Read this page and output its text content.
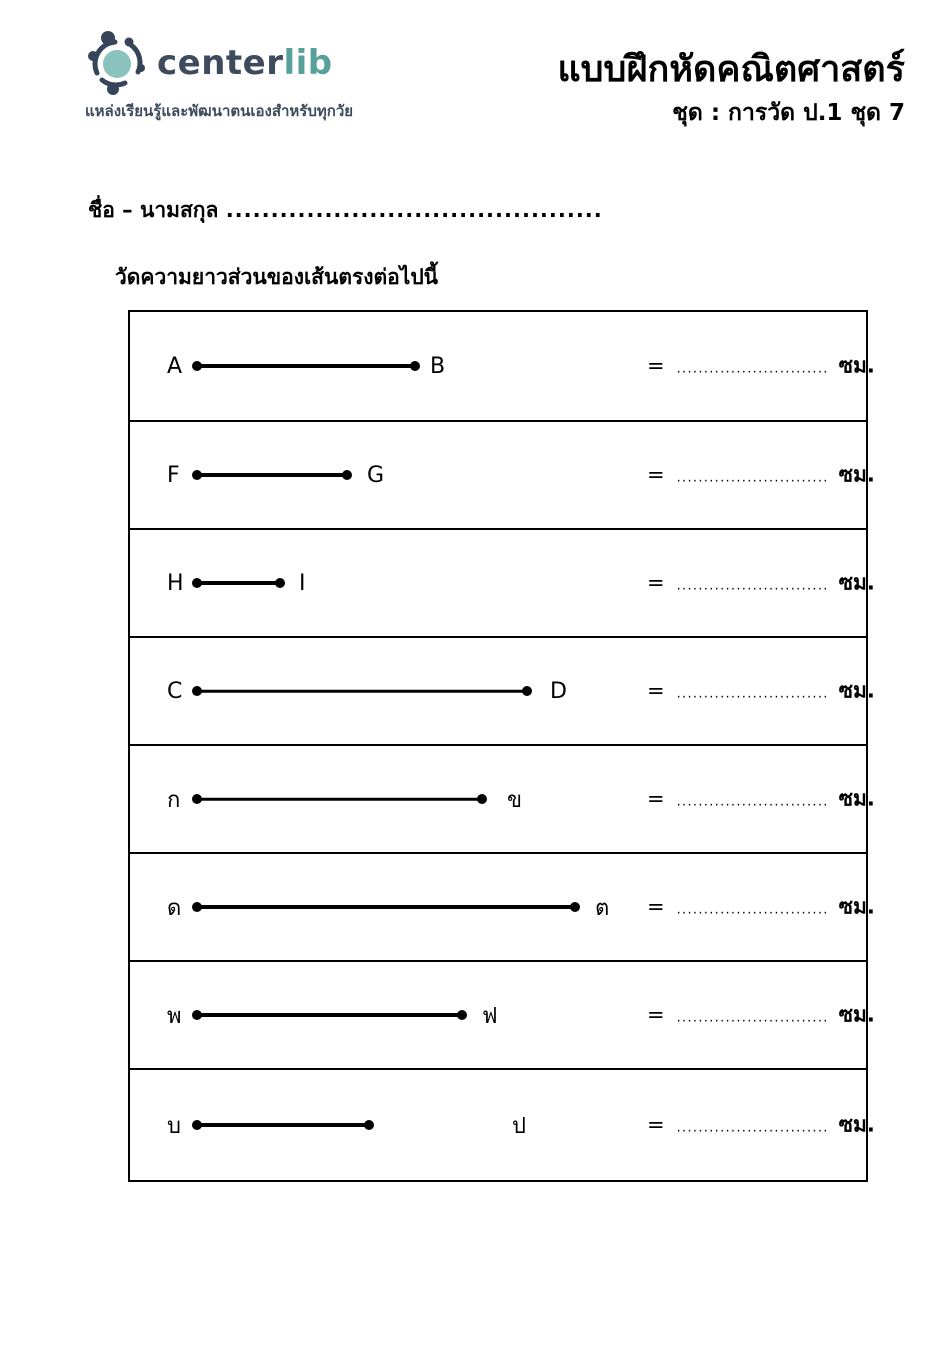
centerlib
แหล่งเรียนรู้และพัฒนาตนเองสำหรับทุกวัย
แบบฝึกหัดคณิตศาสตร์
ชุด : การวัด ป.1 ชุด 7
ชื่อ – นามสกุล ..........................................
วัดความยาวส่วนของเส้นตรงต่อไปนี้
A	B	= ............................ ซม.
F	G	= ............................ ซม.
H	I	= ............................ ซม.
C	D	= ............................ ซม.
ก	ข	= ............................ ซม.
ด	ต = ............................ ซม.
พ	ฟ	= ............................ ซม.
บ	ป	= ............................ ซม.
